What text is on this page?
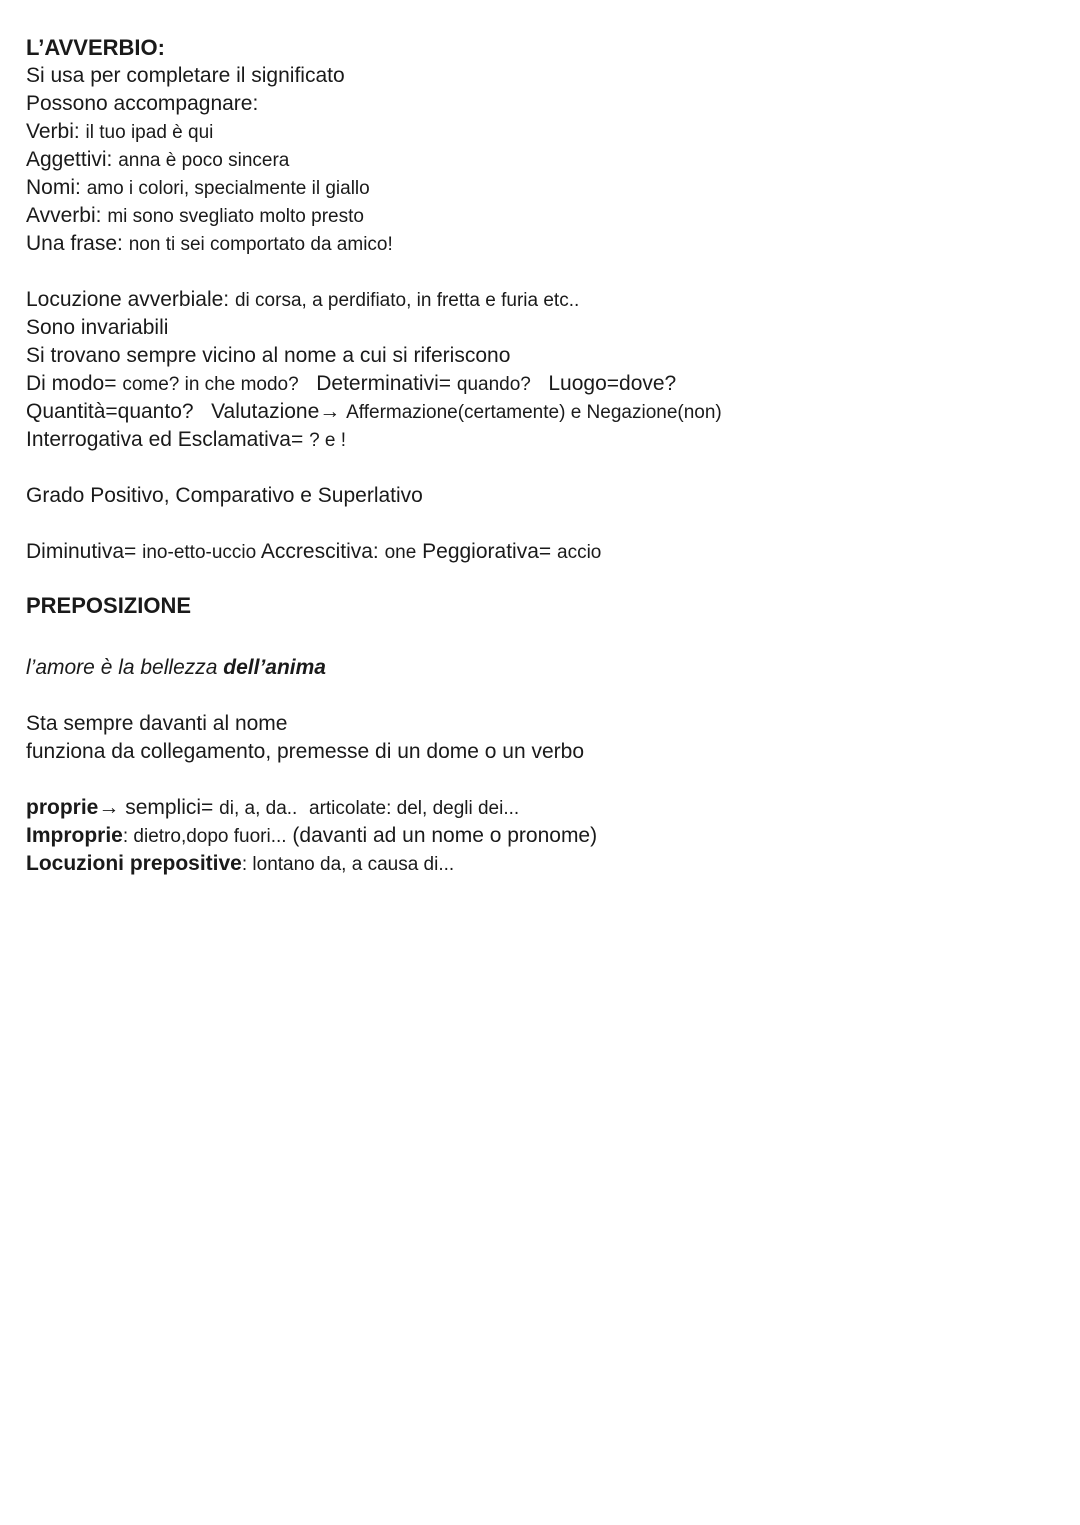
L’AVVERBIO:
Si usa per completare il significato
Possono accompagnare:
Verbi: il tuo ipad è qui
Aggettivi: anna è poco sincera
Nomi: amo i colori, specialmente il giallo
Avverbi: mi sono svegliato molto presto
Una frase: non ti sei comportato da amico!
Locuzione avverbiale: di corsa, a perdifiato, in fretta e furia etc..
Sono invariabili
Si trovano sempre vicino al nome a cui si riferiscono
Di modo= come? in che modo? Determinativi= quando? Luogo=dove?
Quantità=quanto? Valutazione→ Affermazione(certamente) e Negazione(non)
Interrogativa ed Esclamativa= ? e !
Grado Positivo, Comparativo e Superlativo
Diminutiva= ino-etto-uccio Accrescitiva: one Peggiorativa= accio
PREPOSIZIONE
l’amore è la bellezza dell’anima
Sta sempre davanti al nome
funziona da collegamento, premesse di un dome o un verbo
proprie→ semplici= di, a, da.. articolate: del, degli dei...
Improprie: dietro,dopo fuori... (davanti ad un nome o pronome)
Locuzioni prepositive: lontano da, a causa di...
